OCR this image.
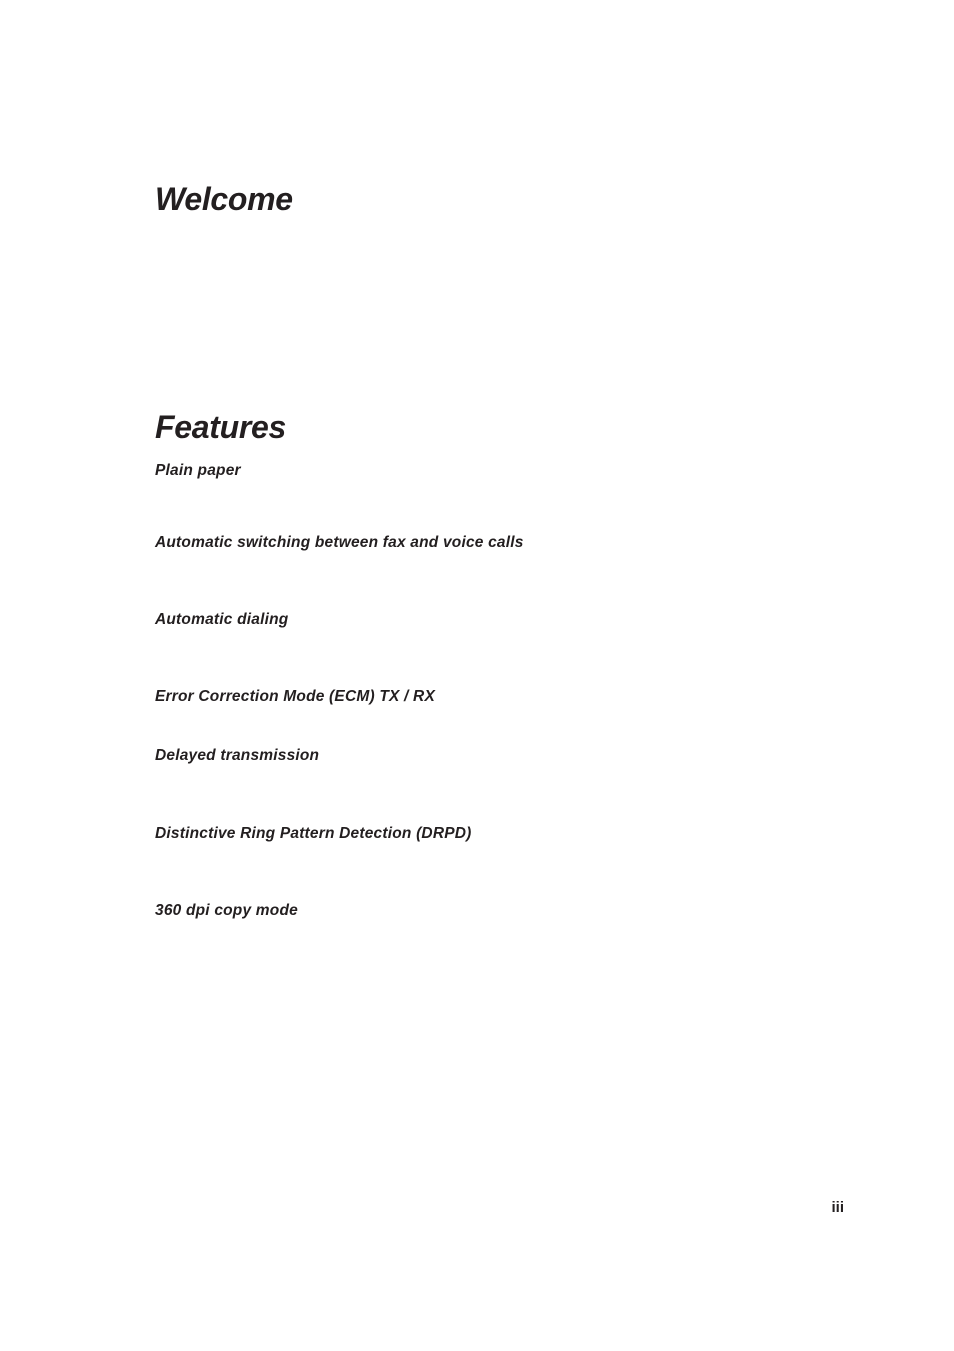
Welcome
Features

Plain paper

Automatic switching between fax and voice calls

Automatic dialing

Error Correction Mode (ECM) TX / RX

Delayed transmission

Distinctive Ring Pattern Detection (DRPD)

360 dpi copy mode

iii
